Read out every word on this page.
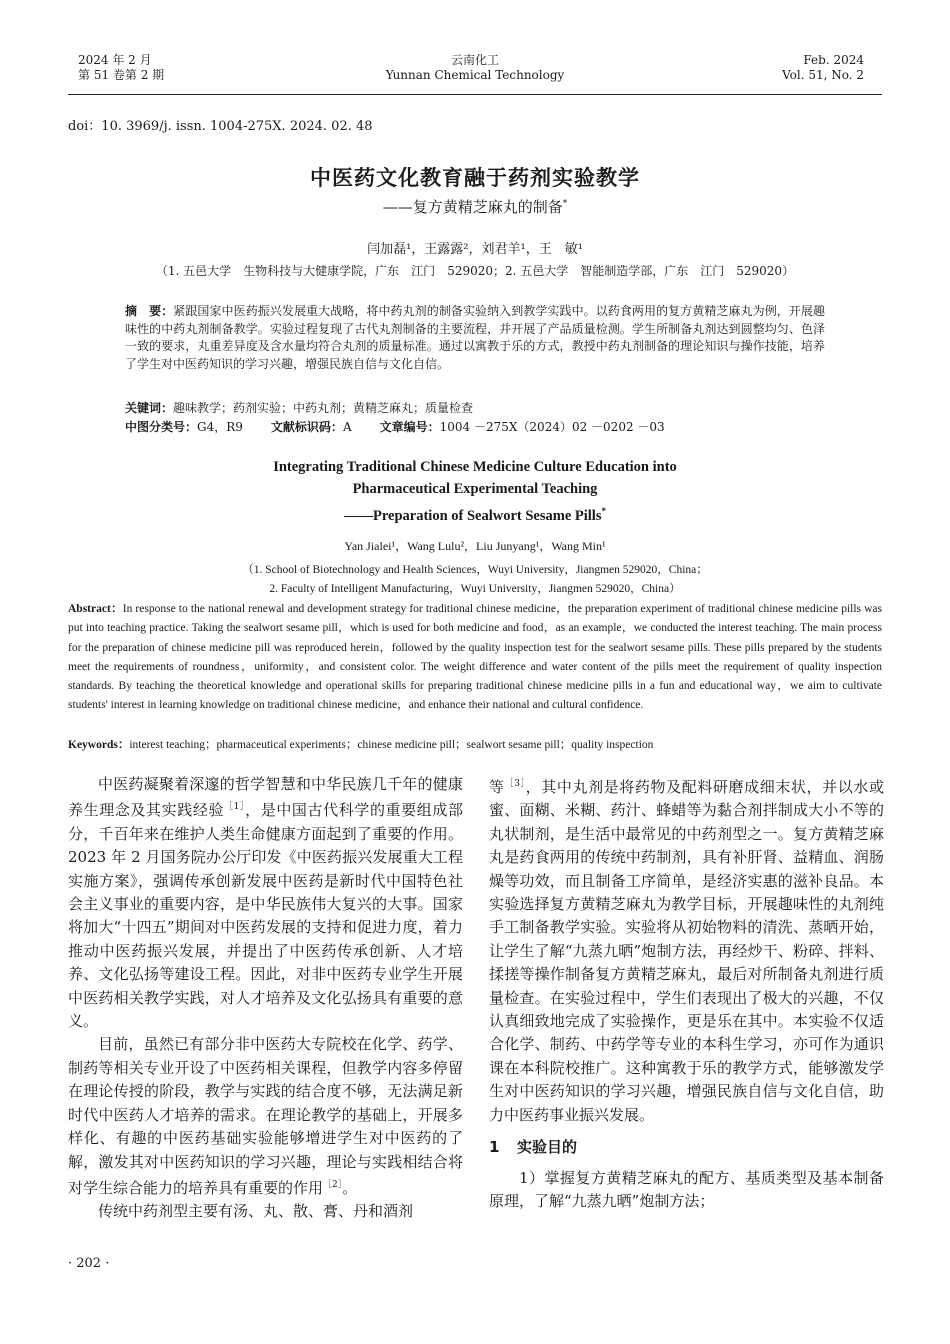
2024 年 2 月
第 51 卷第 2 期
云南化工
Yunnan Chemical Technology
Feb. 2024
Vol. 51, No. 2
doi：10. 3969/j. issn. 1004-275X. 2024. 02. 48
中医药文化教育融于药剂实验教学
——复方黄精芝麻丸的制备*
闫加磊¹，王露露²，刘君羊¹，王　敏¹
（1. 五邑大学　生物科技与大健康学院，广东　江门　529020；2. 五邑大学　智能制造学部，广东　江门　529020）
摘　要：紧跟国家中医药振兴发展重大战略，将中药丸剂的制备实验纳入到教学实践中。以药食两用的复方黄精芝麻丸为例，开展趣味性的中药丸剂制备教学。实验过程复现了古代丸剂制备的主要流程，并开展了产品质量检测。学生所制备丸剂达到圆整均匀、色泽一致的要求，丸重差异度及含水量均符合丸剂的质量标准。通过以寓教于乐的方式，教授中药丸剂制备的理论知识与操作技能，培养了学生对中医药知识的学习兴趣，增强民族自信与文化自信。
关键词：趣味教学；药剂实验；中药丸剂；黄精芝麻丸；质量检查
中图分类号：G4，R9 文献标识码：A 文章编号：1004 －275X（2024）02 －0202 －03
Integrating Traditional Chinese Medicine Culture Education into
Pharmaceutical Experimental Teaching
——Preparation of Sealwort Sesame Pills*
Yan Jialei¹，Wang Lulu²，Liu Junyang¹，Wang Min¹
（1. School of Biotechnology and Health Sciences，Wuyi University，Jiangmen 529020，China；
2. Faculty of Intelligent Manufacturing，Wuyi University，Jiangmen 529020，China）
Abstract：In response to the national renewal and development strategy for traditional chinese medicine，the preparation experiment of traditional chinese medicine pills was put into teaching practice. Taking the sealwort sesame pill，which is used for both medicine and food，as an example，we conducted the interest teaching. The main process for the preparation of chinese medicine pill was reproduced herein，followed by the quality inspection test for the sealwort sesame pills. These pills prepared by the students meet the requirements of roundness，uniformity，and consistent color. The weight difference and water content of the pills meet the requirement of quality inspection standards. By teaching the theoretical knowledge and operational skills for preparing traditional chinese medicine pills in a fun and educational way，we aim to cultivate students' interest in learning knowledge on traditional chinese medicine，and enhance their national and cultural confidence.
Keywords：interest teaching；pharmaceutical experiments；chinese medicine pill；sealwort sesame pill；quality inspection

中医药凝聚着深邃的哲学智慧和中华民族几千年的健康养生理念及其实践经验$^{[1]}$，是中国古代科学的重要组成部分，千百年来在维护人类生命健康方面起到了重要的作用。2023 年 2 月国务院办公厅印发《中医药振兴发展重大工程实施方案》，强调传承创新发展中医药是新时代中国特色社会主义事业的重要内容，是中华民族伟大复兴的大事。国家将加大“十四五”期间对中医药发展的支持和促进力度，着力推动中医药振兴发展，并提出了中医药传承创新、人才培养、文化弘扬等建设工程。因此，对非中医药专业学生开展中医药相关教学实践，对人才培养及文化弘扬具有重要的意义。

目前，虽然已有部分非中医药大专院校在化学、药学、制药等相关专业开设了中医药相关课程，但教学内容多停留在理论传授的阶段，教学与实践的结合度不够，无法满足新时代中医药人才培养的需求。在理论教学的基础上，开展多样化、有趣的中医药基础实验能够增进学生对中医药的了解，激发其对中医药知识的学习兴趣，理论与实践相结合将对学生综合能力的培养具有重要的作用$^{[2]}$。

传统中药剂型主要有汤、丸、散、膏、丹和酒剂

等$^{[3]}$，其中丸剂是将药物及配料研磨成细末状，并以水或蜜、面糊、米糊、药汁、蜂蜡等为黏合剂拌制成大小不等的丸状制剂，是生活中最常见的中药剂型之一。复方黄精芝麻丸是药食两用的传统中药制剂，具有补肝肾、益精血、润肠燥等功效，而且制备工序简单，是经济实惠的滋补良品。本实验选择复方黄精芝麻丸为教学目标，开展趣味性的丸剂纯手工制备教学实验。实验将从初始物料的清洗、蒸晒开始，让学生了解“九蒸九晒”炮制方法，再经炒干、粉碎、拌料、揉搓等操作制备复方黄精芝麻丸，最后对所制备丸剂进行质量检查。在实验过程中，学生们表现出了极大的兴趣，不仅认真细致地完成了实验操作，更是乐在其中。本实验不仅适合化学、制药、中药学等专业的本科生学习，亦可作为通识课在本科院校推广。这种寓教于乐的教学方式，能够激发学生对中医药知识的学习兴趣，增强民族自信与文化自信，助力中医药事业振兴发展。

1 实验目的

1）掌握复方黄精芝麻丸的配方、基质类型及基本制备原理，了解“九蒸九晒”炮制方法；

· 202 ·
